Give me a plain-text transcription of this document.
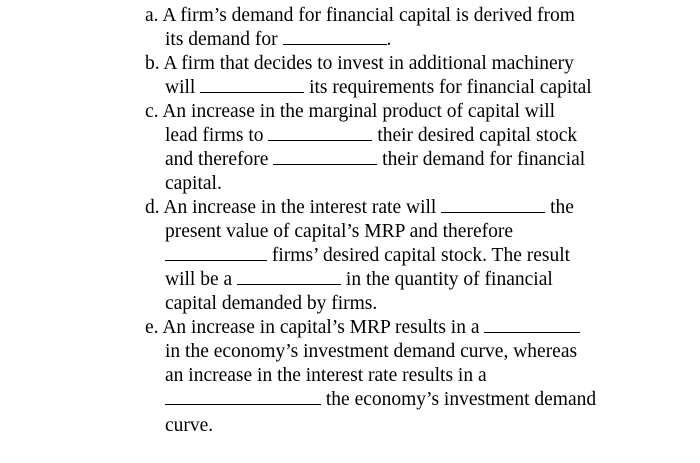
a. A firm’s demand for financial capital is derived from
its demand for	.
b. A firm that decides to invest in additional machinery
will	its requirements for financial capital
c. An increase in the marginal product of capital will
lead firms to	their desired capital stock
and therefore	their demand for financial
capital.
d. An increase in the interest rate will	the
present value of capital’s MRP and therefore
firms’ desired capital stock. The result
will be a	in the quantity of financial
capital demanded by firms.
e. An increase in capital’s MRP results in a
in the economy’s investment demand curve, whereas
an increase in the interest rate results in a
the economy’s investment demand
curve.
